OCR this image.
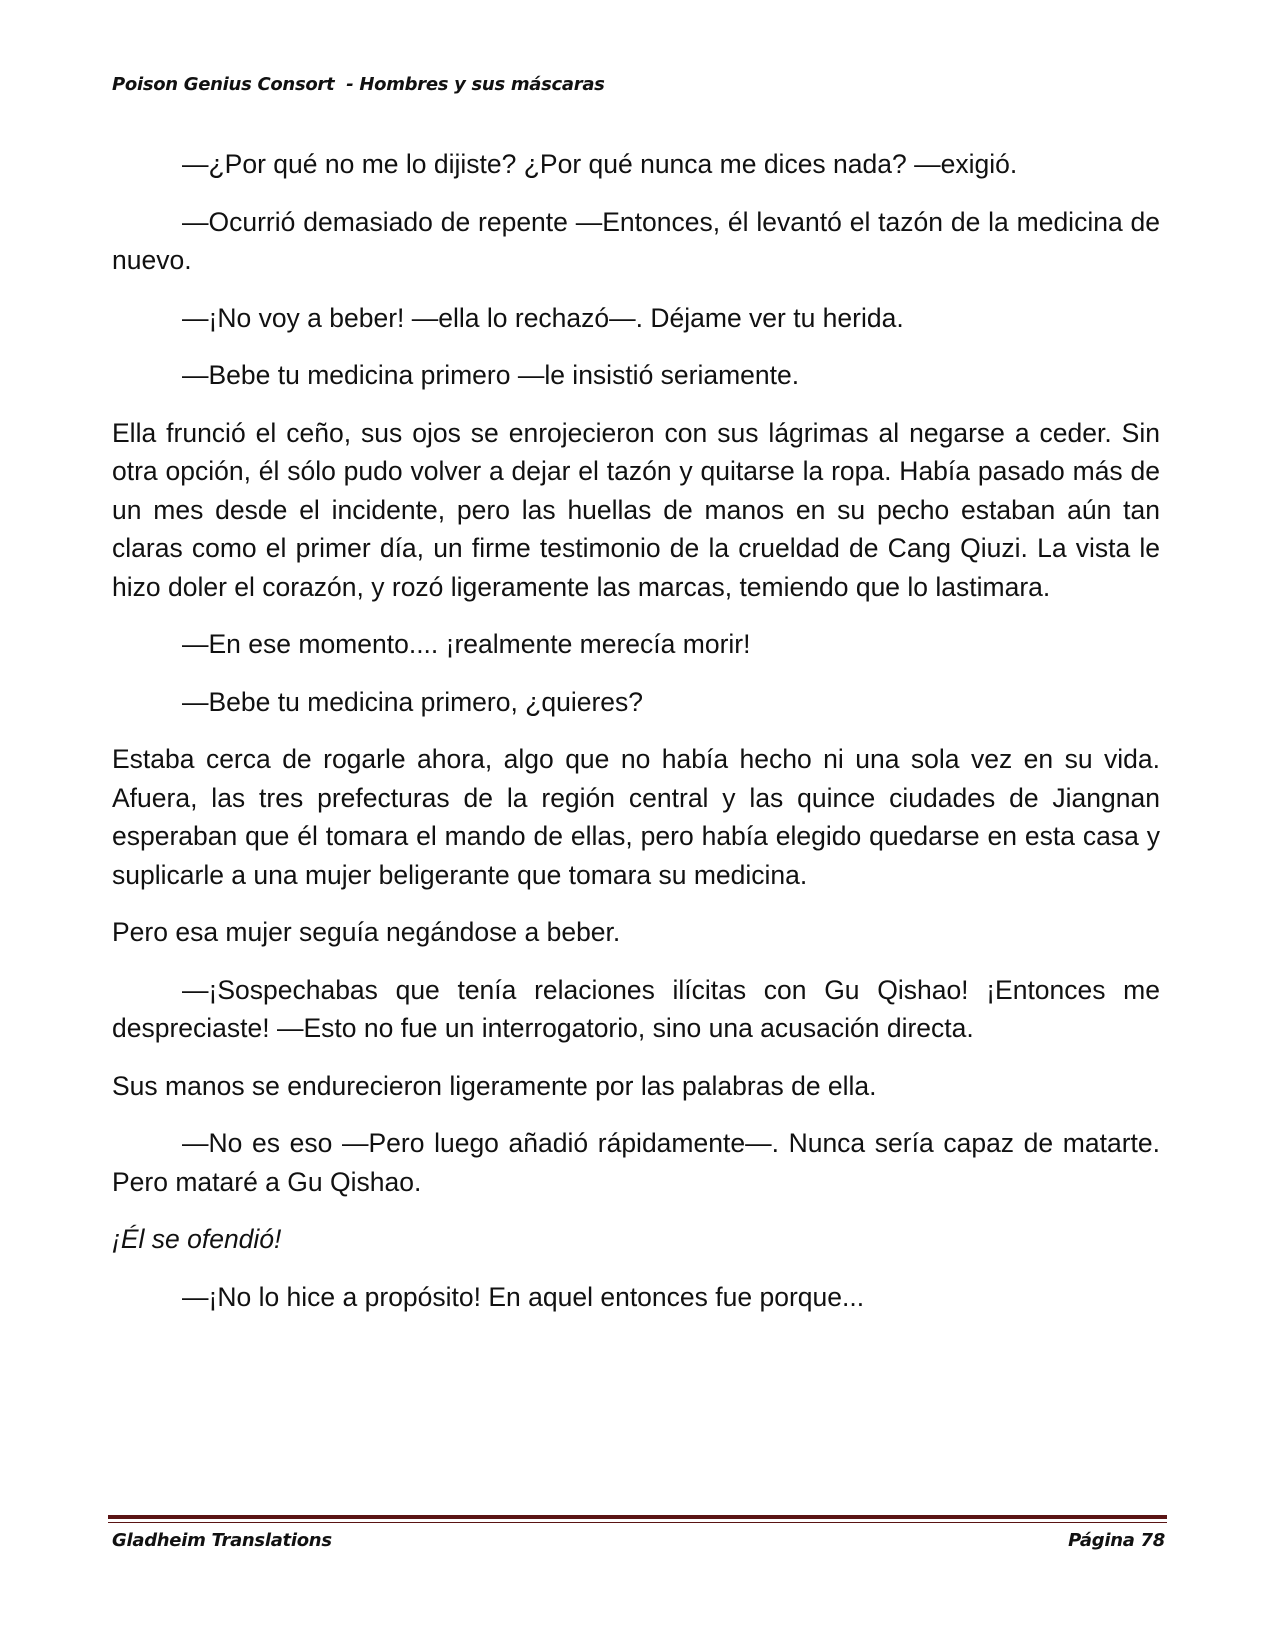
Poison Genius Consort  - Hombres y sus máscaras

—¿Por qué no me lo dijiste? ¿Por qué nunca me dices nada? —exigió.

—Ocurrió demasiado de repente —Entonces, él levantó el tazón de la medicina de nuevo.

—¡No voy a beber! —ella lo rechazó—. Déjame ver tu herida.

—Bebe tu medicina primero —le insistió seriamente.

Ella frunció el ceño, sus ojos se enrojecieron con sus lágrimas al negarse a ceder. Sin otra opción, él sólo pudo volver a dejar el tazón y quitarse la ropa. Había pasado más de un mes desde el incidente, pero las huellas de manos en su pecho estaban aún tan claras como el primer día, un firme testimonio de la crueldad de Cang Qiuzi. La vista le hizo doler el corazón, y rozó ligeramente las marcas, temiendo que lo lastimara.

—En ese momento.... ¡realmente merecía morir!

—Bebe tu medicina primero, ¿quieres?

Estaba cerca de rogarle ahora, algo que no había hecho ni una sola vez en su vida. Afuera, las tres prefecturas de la región central y las quince ciudades de Jiangnan esperaban que él tomara el mando de ellas, pero había elegido quedarse en esta casa y suplicarle a una mujer beligerante que tomara su medicina.

Pero esa mujer seguía negándose a beber.

—¡Sospechabas que tenía relaciones ilícitas con Gu Qishao! ¡Entonces me despreciaste! —Esto no fue un interrogatorio, sino una acusación directa.

Sus manos se endurecieron ligeramente por las palabras de ella.

—No es eso —Pero luego añadió rápidamente—. Nunca sería capaz de matarte. Pero mataré a Gu Qishao.

¡Él se ofendió!

—¡No lo hice a propósito! En aquel entonces fue porque...

Gladheim Translations	Página 78
